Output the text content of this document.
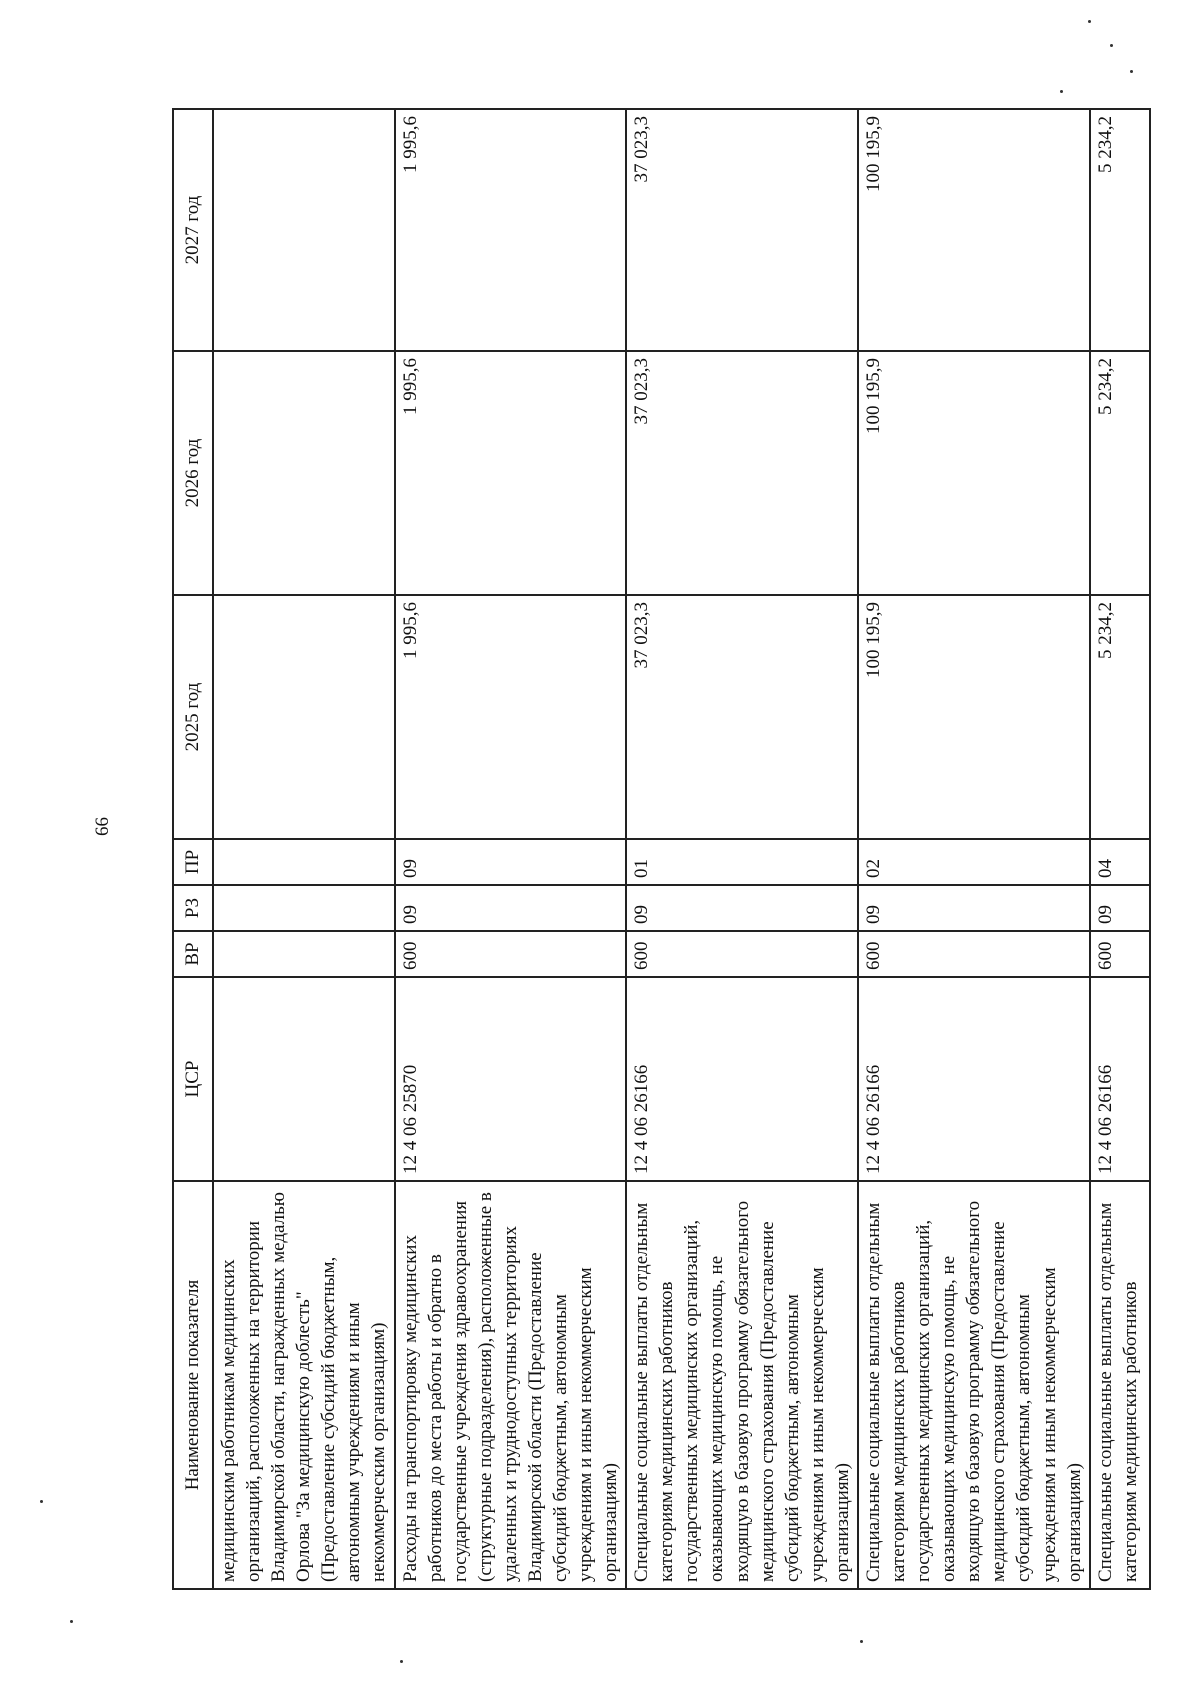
66
Наименование показателя	ЦСР	ВР	РЗ	ПР	2025 год	2026 год	2027 год
медицинским работникам медицинских организаций, расположенных на территории Владимирской области, награжденных медалью Орлова "За медицинскую доблесть" (Предоставление субсидий бюджетным, автономным учреждениям и иным некоммерческим организациям)							
Расходы на транспортировку медицинских работников до места работы и обратно в государственные учреждения здравоохранения (структурные подразделения), расположенные в удаленных и труднодоступных территориях Владимирской области (Предоставление субсидий бюджетным, автономным учреждениям и иным некоммерческим организациям)	12 4 06 25870	600	09	09	1 995,6	1 995,6	1 995,6
Специальные социальные выплаты отдельным категориям медицинских работников государственных медицинских организаций, оказывающих медицинскую помощь, не входящую в базовую программу обязательного медицинского страхования (Предоставление субсидий бюджетным, автономным учреждениям и иным некоммерческим организациям)	12 4 06 26166	600	09	01	37 023,3	37 023,3	37 023,3
Специальные социальные выплаты отдельным категориям медицинских работников государственных медицинских организаций, оказывающих медицинскую помощь, не входящую в базовую программу обязательного медицинского страхования (Предоставление субсидий бюджетным, автономным учреждениям и иным некоммерческим организациям)	12 4 06 26166	600	09	02	100 195,9	100 195,9	100 195,9
Специальные социальные выплаты отдельным категориям медицинских работников	12 4 06 26166	600	09	04	5 234,2	5 234,2	5 234,2
